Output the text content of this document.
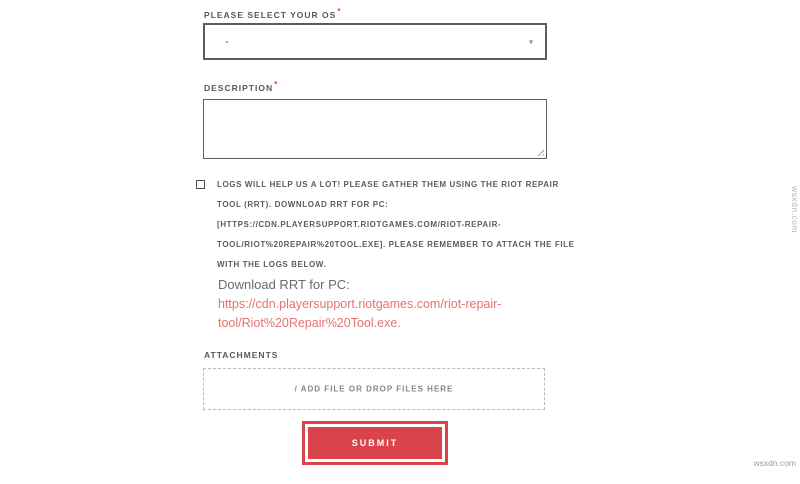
PLEASE SELECT YOUR OS*
-	▾
DESCRIPTION*
LOGS WILL HELP US A LOT! PLEASE GATHER THEM USING THE RIOT REPAIR
TOOL (RRT). DOWNLOAD RRT FOR PC:
[HTTPS://CDN.PLAYERSUPPORT.RIOTGAMES.COM/RIOT-REPAIR-
TOOL/RIOT%20REPAIR%20TOOL.EXE]. PLEASE REMEMBER TO ATTACH THE FILE
WITH THE LOGS BELOW.
Download RRT for PC:
https://cdn.playersupport.riotgames.com/riot-repair-
tool/Riot%20Repair%20Tool.exe.
ATTACHMENTS
/ ADD FILE OR DROP FILES HERE
SUBMIT
wsxdn.com
wsxdn.com
